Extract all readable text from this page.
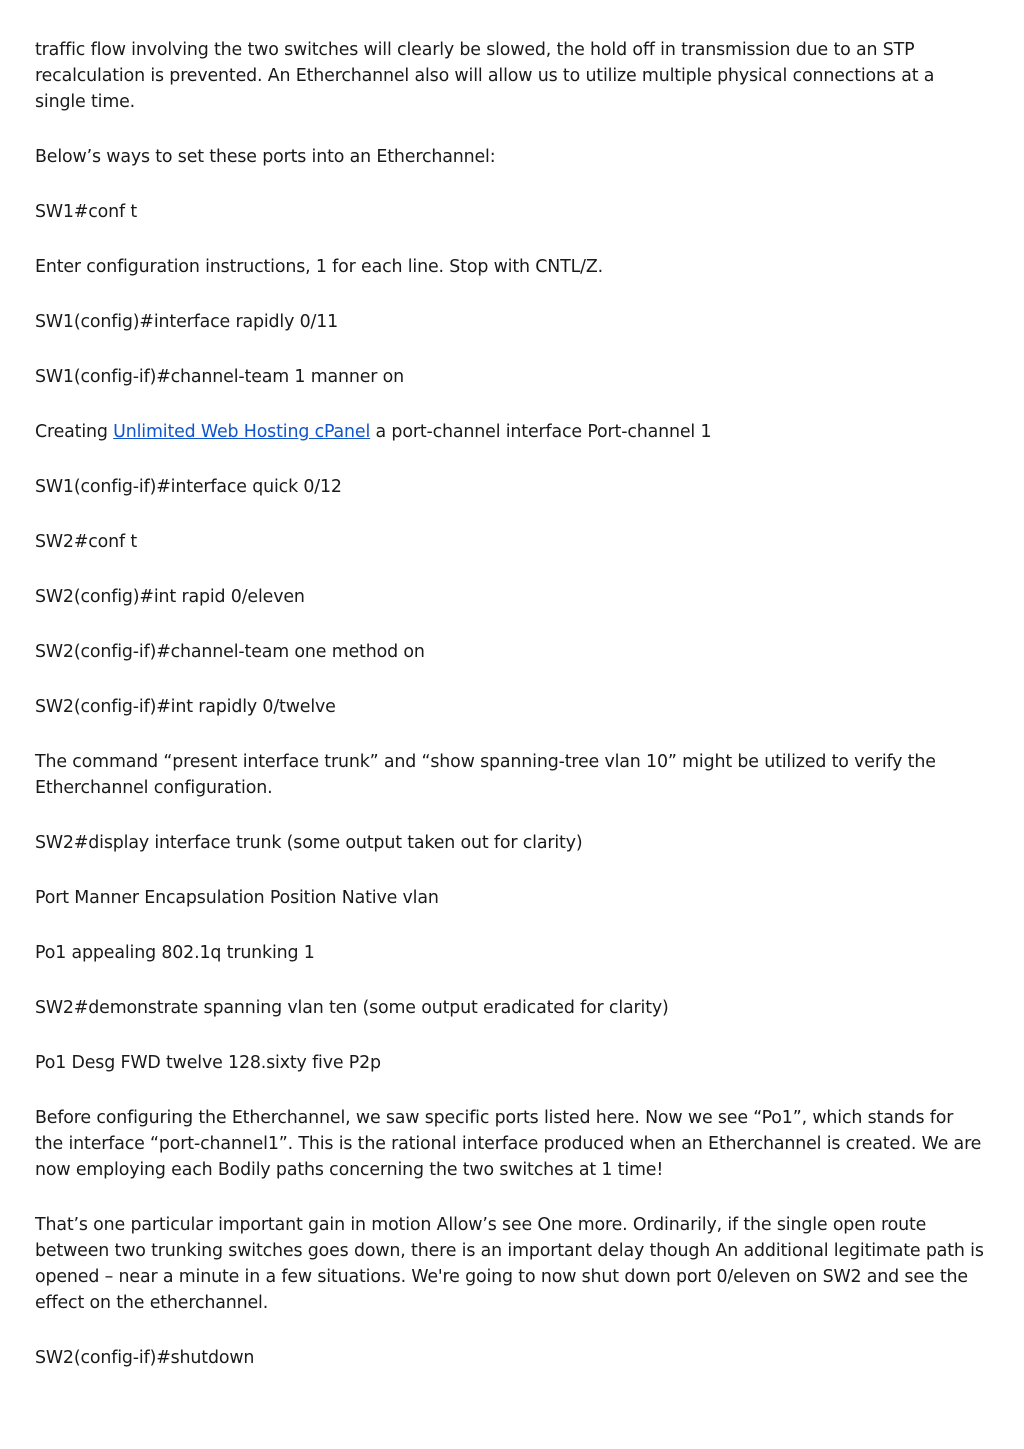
traffic flow involving the two switches will clearly be slowed, the hold off in transmission due to an STP recalculation is prevented. An Etherchannel also will allow us to utilize multiple physical connections at a single time.

Below’s ways to set these ports into an Etherchannel:

SW1#conf t

Enter configuration instructions, 1 for each line. Stop with CNTL/Z.

SW1(config)#interface rapidly 0/11

SW1(config-if)#channel-team 1 manner on

Creating Unlimited Web Hosting cPanel a port-channel interface Port-channel 1

SW1(config-if)#interface quick 0/12

SW2#conf t

SW2(config)#int rapid 0/eleven

SW2(config-if)#channel-team one method on

SW2(config-if)#int rapidly 0/twelve

The command “present interface trunk” and “show spanning-tree vlan 10” might be utilized to verify the Etherchannel configuration.

SW2#display interface trunk (some output taken out for clarity)

Port Manner Encapsulation Position Native vlan

Po1 appealing 802.1q trunking 1

SW2#demonstrate spanning vlan ten (some output eradicated for clarity)

Po1 Desg FWD twelve 128.sixty five P2p

Before configuring the Etherchannel, we saw specific ports listed here. Now we see “Po1”, which stands for the interface “port-channel1”. This is the rational interface produced when an Etherchannel is created. We are now employing each Bodily paths concerning the two switches at 1 time!

That’s one particular important gain in motion Allow’s see One more. Ordinarily, if the single open route between two trunking switches goes down, there is an important delay though An additional legitimate path is opened – near a minute in a few situations. We're going to now shut down port 0/eleven on SW2 and see the effect on the etherchannel.

SW2(config-if)#shutdown
